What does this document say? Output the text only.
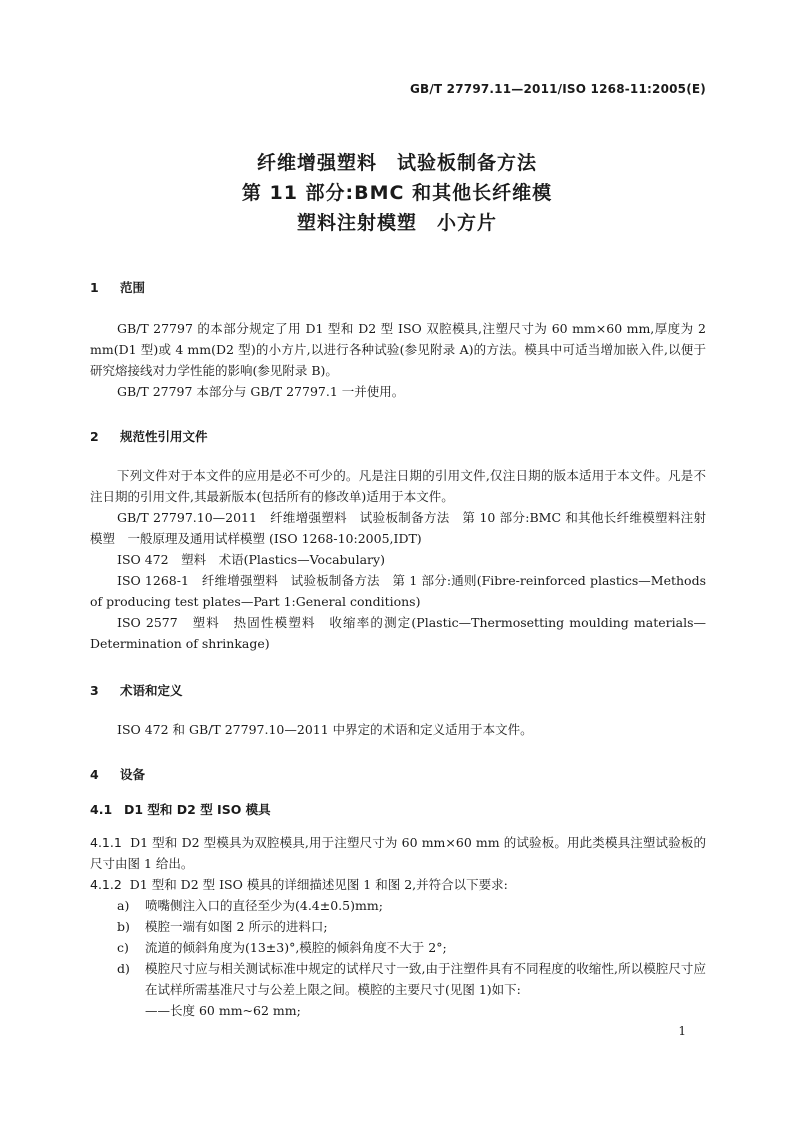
GB/T 27797.11—2011/ISO 1268-11:2005(E)
纤维增强塑料　试验板制备方法
第 11 部分:BMC 和其他长纤维模
塑料注射模塑　小方片
1 范围
GB/T 27797 的本部分规定了用 D1 型和 D2 型 ISO 双腔模具,注塑尺寸为 60 mm×60 mm,厚度为 2 mm(D1 型)或 4 mm(D2 型)的小方片,以进行各种试验(参见附录 A)的方法。模具中可适当增加嵌入件,以便于研究熔接线对力学性能的影响(参见附录 B)。
GB/T 27797 本部分与 GB/T 27797.1 一并使用。
2 规范性引用文件
下列文件对于本文件的应用是必不可少的。凡是注日期的引用文件,仅注日期的版本适用于本文件。凡是不注日期的引用文件,其最新版本(包括所有的修改单)适用于本文件。
GB/T 27797.10—2011　纤维增强塑料　试验板制备方法　第 10 部分:BMC 和其他长纤维模塑料注射模塑　一般原理及通用试样模塑 (ISO 1268-10:2005,IDT)
ISO 472　塑料　术语(Plastics—Vocabulary)
ISO 1268-1　纤维增强塑料　试验板制备方法　第 1 部分:通则(Fibre-reinforced plastics—Methods of producing test plates—Part 1:General conditions)
ISO 2577　塑料　热固性模塑料　收缩率的测定(Plastic—Thermosetting moulding materials—Determination of shrinkage)
3 术语和定义
ISO 472 和 GB/T 27797.10—2011 中界定的术语和定义适用于本文件。
4 设备
4.1 D1 型和 D2 型 ISO 模具
4.1.1 D1 型和 D2 型模具为双腔模具,用于注塑尺寸为 60 mm×60 mm 的试验板。用此类模具注塑试验板的尺寸由图 1 给出。
4.1.2 D1 型和 D2 型 ISO 模具的详细描述见图 1 和图 2,并符合以下要求:
a) 喷嘴侧注入口的直径至少为(4.4±0.5)mm;
b) 模腔一端有如图 2 所示的进料口;
c) 流道的倾斜角度为(13±3)°,模腔的倾斜角度不大于 2°;
d)	模腔尺寸应与相关测试标准中规定的试样尺寸一致,由于注塑件具有不同程度的收缩性,所以模腔尺寸应在试样所需基准尺寸与公差上限之间。模腔的主要尺寸(见图 1)如下:
——长度 60 mm~62 mm;
1
